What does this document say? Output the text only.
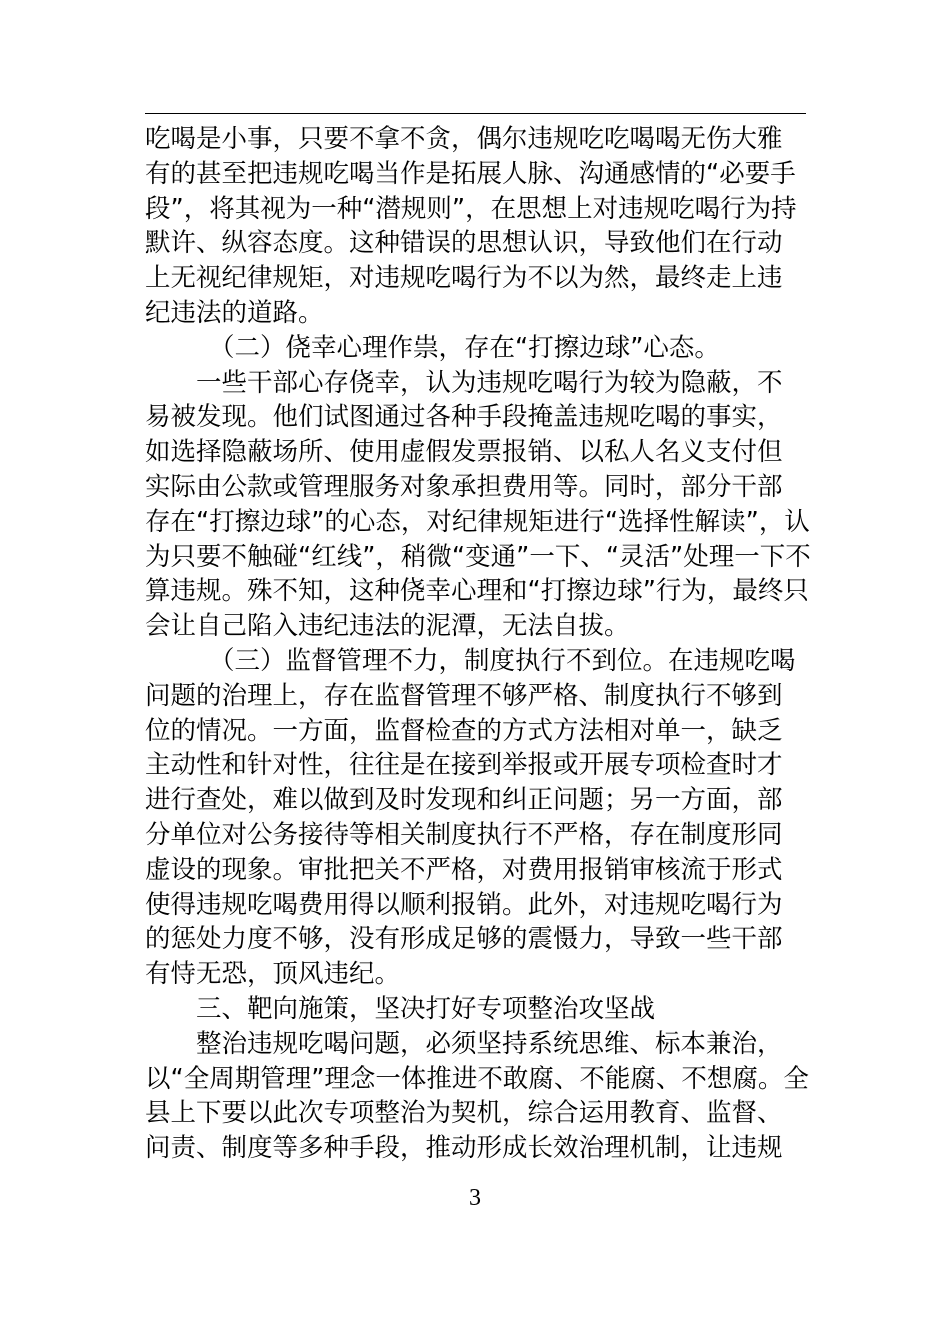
吃喝是小事，只要不拿不贪，偶尔违规吃吃喝喝无伤大雅
有的甚至把违规吃喝当作是拓展人脉、沟通感情的“必要手
段”，将其视为一种“潜规则”，在思想上对违规吃喝行为持
默许、纵容态度。这种错误的思想认识，导致他们在行动
上无视纪律规矩，对违规吃喝行为不以为然，最终走上违
纪违法的道路。
（二）侥幸心理作祟，存在“打擦边球”心态。
一些干部心存侥幸，认为违规吃喝行为较为隐蔽，不
易被发现。他们试图通过各种手段掩盖违规吃喝的事实，
如选择隐蔽场所、使用虚假发票报销、以私人名义支付但
实际由公款或管理服务对象承担费用等。同时，部分干部
存在“打擦边球”的心态，对纪律规矩进行“选择性解读”，认
为只要不触碰“红线”，稍微“变通”一下、“灵活”处理一下不
算违规。殊不知，这种侥幸心理和“打擦边球”行为，最终只
会让自己陷入违纪违法的泥潭，无法自拔。
（三）监督管理不力，制度执行不到位。在违规吃喝
问题的治理上，存在监督管理不够严格、制度执行不够到
位的情况。一方面，监督检查的方式方法相对单一，缺乏
主动性和针对性，往往是在接到举报或开展专项检查时才
进行查处，难以做到及时发现和纠正问题；另一方面，部
分单位对公务接待等相关制度执行不严格，存在制度形同
虚设的现象。审批把关不严格，对费用报销审核流于形式
使得违规吃喝费用得以顺利报销。此外，对违规吃喝行为
的惩处力度不够，没有形成足够的震慑力，导致一些干部
有恃无恐，顶风违纪。
三、靶向施策，坚决打好专项整治攻坚战
整治违规吃喝问题，必须坚持系统思维、标本兼治，
以“全周期管理”理念一体推进不敢腐、不能腐、不想腐。全
县上下要以此次专项整治为契机，综合运用教育、监督、
问责、制度等多种手段，推动形成长效治理机制，让违规
3
